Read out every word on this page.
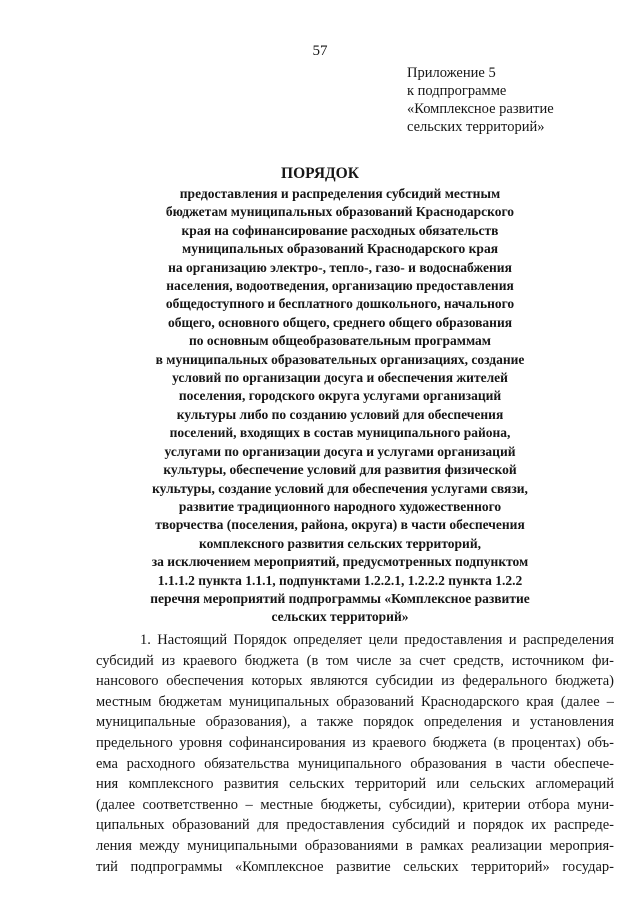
57
Приложение 5
к подпрограмме
«Комплексное развитие
сельских территорий»
ПОРЯДОК
предоставления и распределения субсидий местным
бюджетам муниципальных образований Краснодарского
края на софинансирование расходных обязательств
муниципальных образований Краснодарского края
на организацию электро-, тепло-, газо- и водоснабжения
населения, водоотведения, организацию предоставления
общедоступного и бесплатного дошкольного, начального
общего, основного общего, среднего общего образования
по основным общеобразовательным программам
в муниципальных образовательных организациях, создание
условий по организации досуга и обеспечения жителей
поселения, городского округа услугами организаций
культуры либо по созданию условий для обеспечения
поселений, входящих в состав муниципального района,
услугами по организации досуга и услугами организаций
культуры, обеспечение условий для развития физической
культуры, создание условий для обеспечения услугами связи,
развитие традиционного народного художественного
творчества (поселения, района, округа) в части обеспечения
комплексного развития сельских территорий,
за исключением мероприятий, предусмотренных подпунктом
1.1.1.2 пункта 1.1.1, подпунктами 1.2.2.1, 1.2.2.2 пункта 1.2.2
перечня мероприятий подпрограммы «Комплексное развитие
сельских территорий»
1. Настоящий Порядок определяет цели предоставления и распределения
субсидий из краевого бюджета (в том числе за счет средств, источником фи-
нансового обеспечения которых являются субсидии из федерального бюджета)
местным бюджетам муниципальных образований Краснодарского края (далее –
муниципальные образования), а также порядок определения и установления
предельного уровня софинансирования из краевого бюджета (в процентах) объ-
ема расходного обязательства муниципального образования в части обеспече-
ния комплексного развития сельских территорий или сельских агломераций
(далее соответственно – местные бюджеты, субсидии), критерии отбора муни-
ципальных образований для предоставления субсидий и порядок их распреде-
ления между муниципальными образованиями в рамках реализации мероприя-
тий подпрограммы «Комплексное развитие сельских территорий» государ-
